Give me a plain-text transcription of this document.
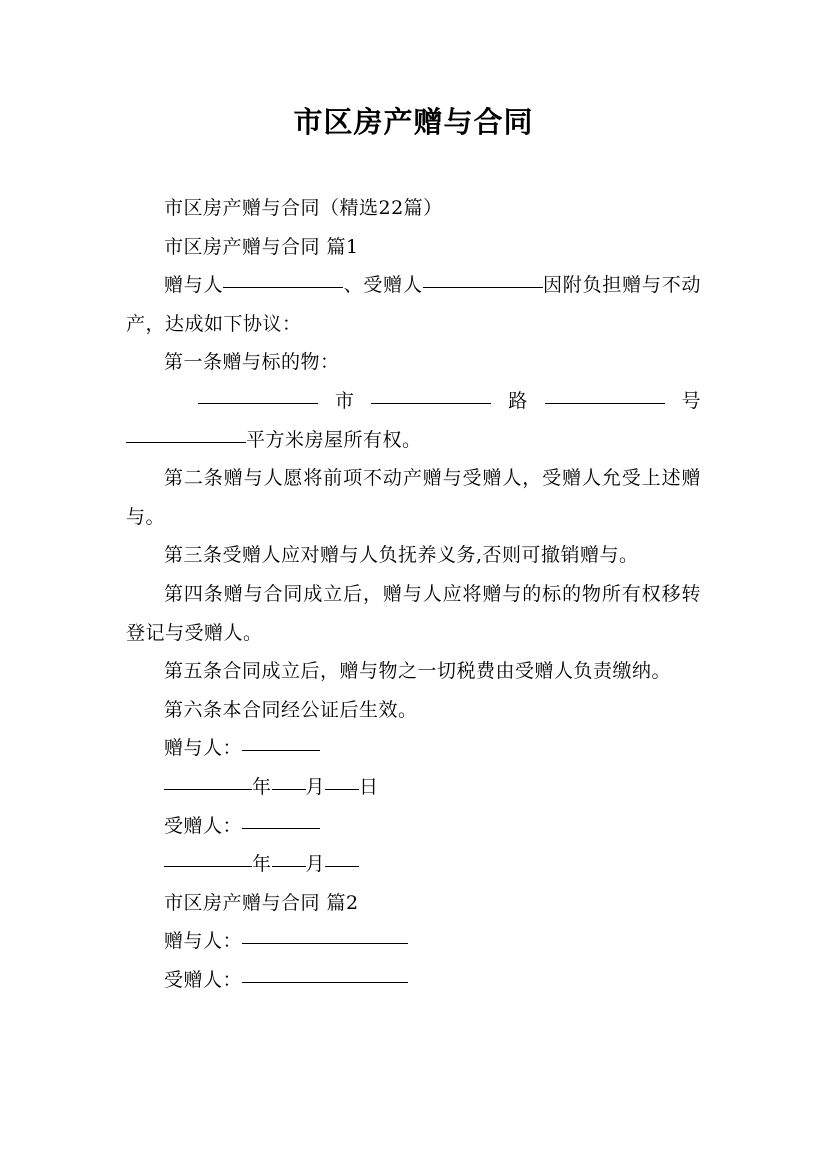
市区房产赠与合同

市区房产赠与合同（精选22篇）

市区房产赠与合同 篇1

赠与人	、受赠人	因附负担赠与不动产，达成如下协议：

第一条赠与标的物：

市	路	号

平方米房屋所有权。

第二条赠与人愿将前项不动产赠与受赠人，受赠人允受上述赠与。

第三条受赠人应对赠与人负抚养义务,否则可撤销赠与。

第四条赠与合同成立后，赠与人应将赠与的标的物所有权移转登记与受赠人。

第五条合同成立后，赠与物之一切税费由受赠人负责缴纳。

第六条本合同经公证后生效。

赠与人：

年 月 日

受赠人：

年 月

市区房产赠与合同 篇2

赠与人：

受赠人：
